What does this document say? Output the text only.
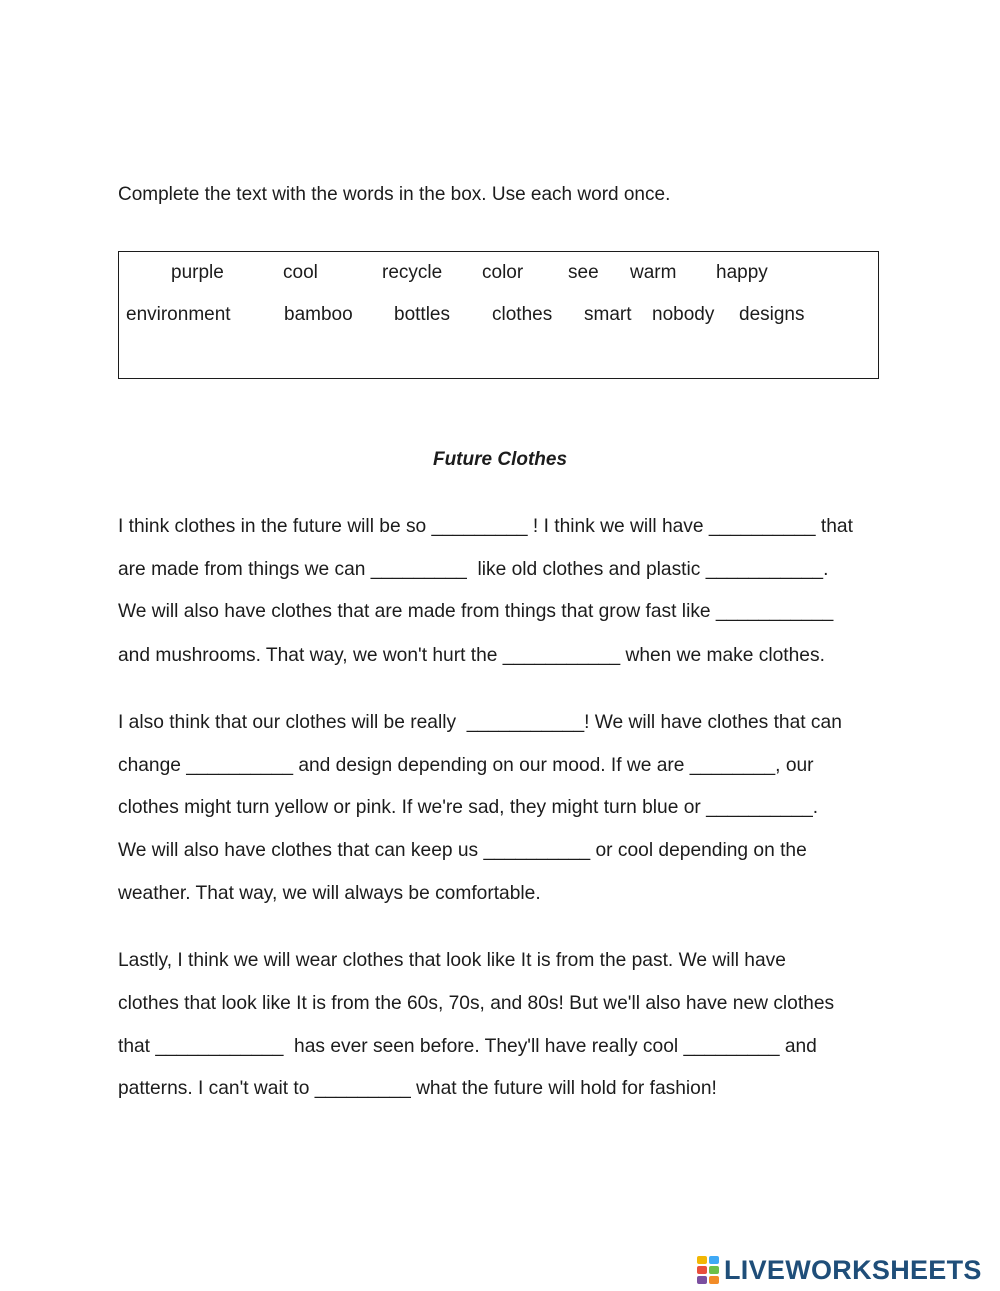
Complete the text with the words in the box. Use each word once.

purple	cool	recycle color see warm happy
environment	bamboo bottles clothes smart nobody designs
Future Clothes

I think clothes in the future will be so _________ ! I think we will have __________ that

are made from things we can _________  like old clothes and plastic ___________.

We will also have clothes that are made from things that grow fast like ___________

and mushrooms. That way, we won't hurt the ___________ when we make clothes.

I also think that our clothes will be really  ___________! We will have clothes that can

change __________ and design depending on our mood. If we are ________, our

clothes might turn yellow or pink. If we're sad, they might turn blue or __________.

We will also have clothes that can keep us __________ or cool depending on the

weather. That way, we will always be comfortable.

Lastly, I think we will wear clothes that look like It is from the past. We will have

clothes that look like It is from the 60s, 70s, and 80s! But we'll also have new clothes

that ____________  has ever seen before. They'll have really cool _________ and

patterns. I can't wait to _________ what the future will hold for fashion!

LIVEWORKSHEETS
